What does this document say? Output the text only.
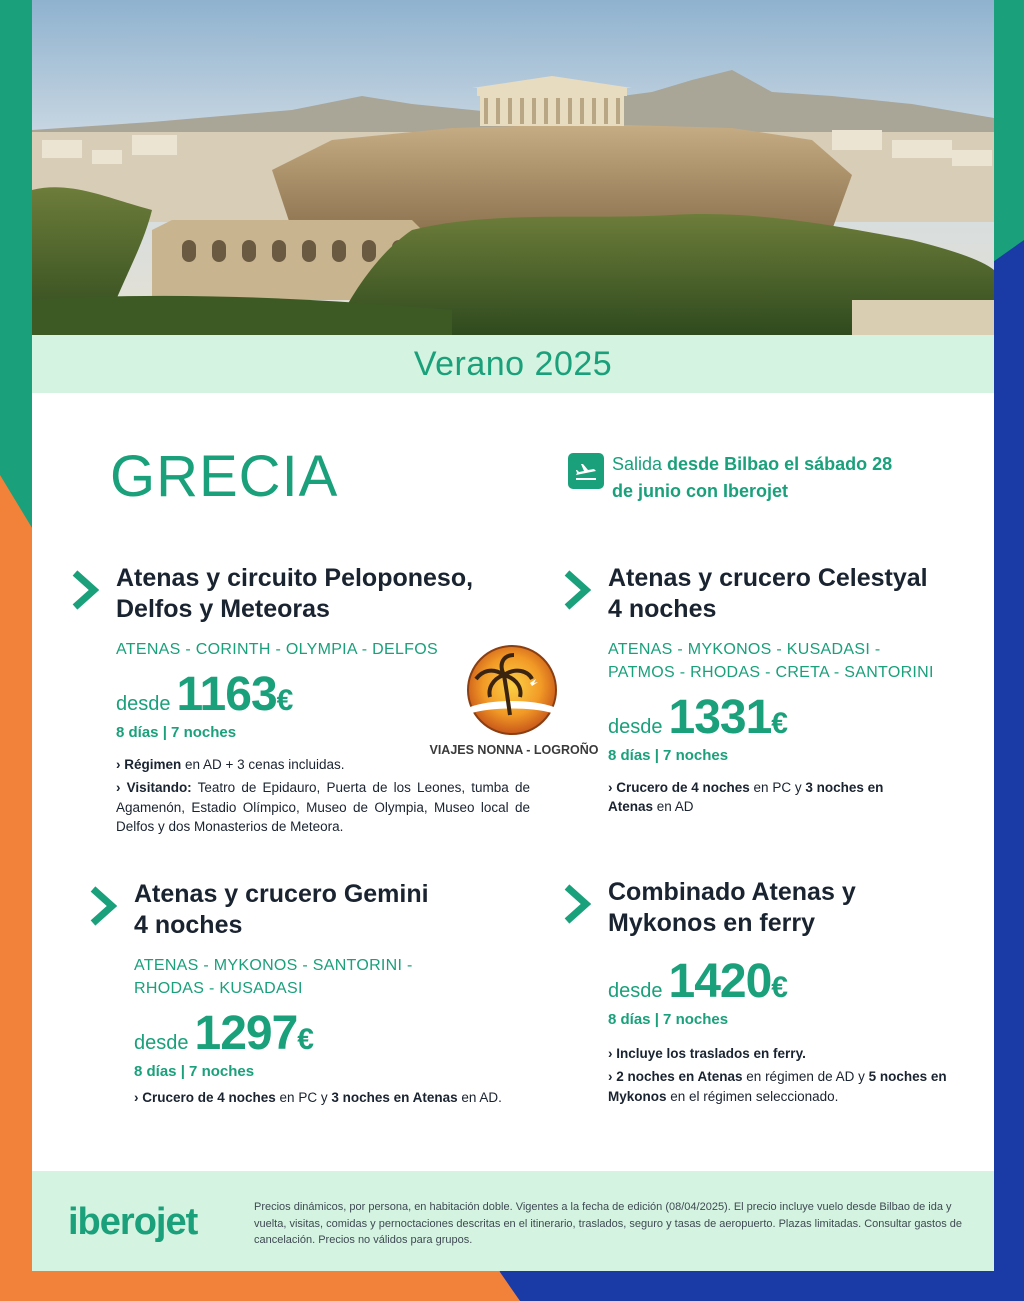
Verano 2025
GRECIA	Salida desde Bilbao el sábado 28
de junio con Iberojet
Atenas y circuito Peloponeso,
Delfos y Meteoras
ATENAS - CORINTH - OLYMPIA - DELFOS
desde 1163 €
8 días | 7 noches

› Régimen en AD + 3 cenas incluidas.

› Visitando: Teatro de Epidauro, Puerta de los Leones, tumba de Agamenón, Estadio Olímpico, Museo de Olympia, Museo local de Delfos y dos Monasterios de Meteora.

VIAJES NONNA - LOGROÑO
Atenas y crucero Celestyal
4 noches
ATENAS - MYKONOS - KUSADASI -
PATMOS - RHODAS - CRETA - SANTORINI
desde 1331 €
8 días | 7 noches

› Crucero de 4 noches en PC y 3 noches en
Atenas en AD

Atenas y crucero Gemini
4 noches
ATENAS - MYKONOS - SANTORINI -
RHODAS - KUSADASI
desde 1297 €
8 días | 7 noches

› Crucero de 4 noches en PC y 3 noches en Atenas en AD.

Combinado Atenas y
Mykonos en ferry
desde 1420 €
8 días | 7 noches

› Incluye los traslados en ferry.

› 2 noches en Atenas en régimen de AD y 5 noches en Mykonos en el régimen seleccionado.

iberojet	Precios dinámicos, por persona, en habitación doble. Vigentes a la fecha de edición (08/04/2025). El precio incluye vuelo desde Bilbao de ida y vuelta, visitas, comidas y pernoctaciones descritas en el itinerario, traslados, seguro y tasas de aeropuerto. Plazas limitadas. Consultar gastos de cancelación. Precios no válidos para grupos.
